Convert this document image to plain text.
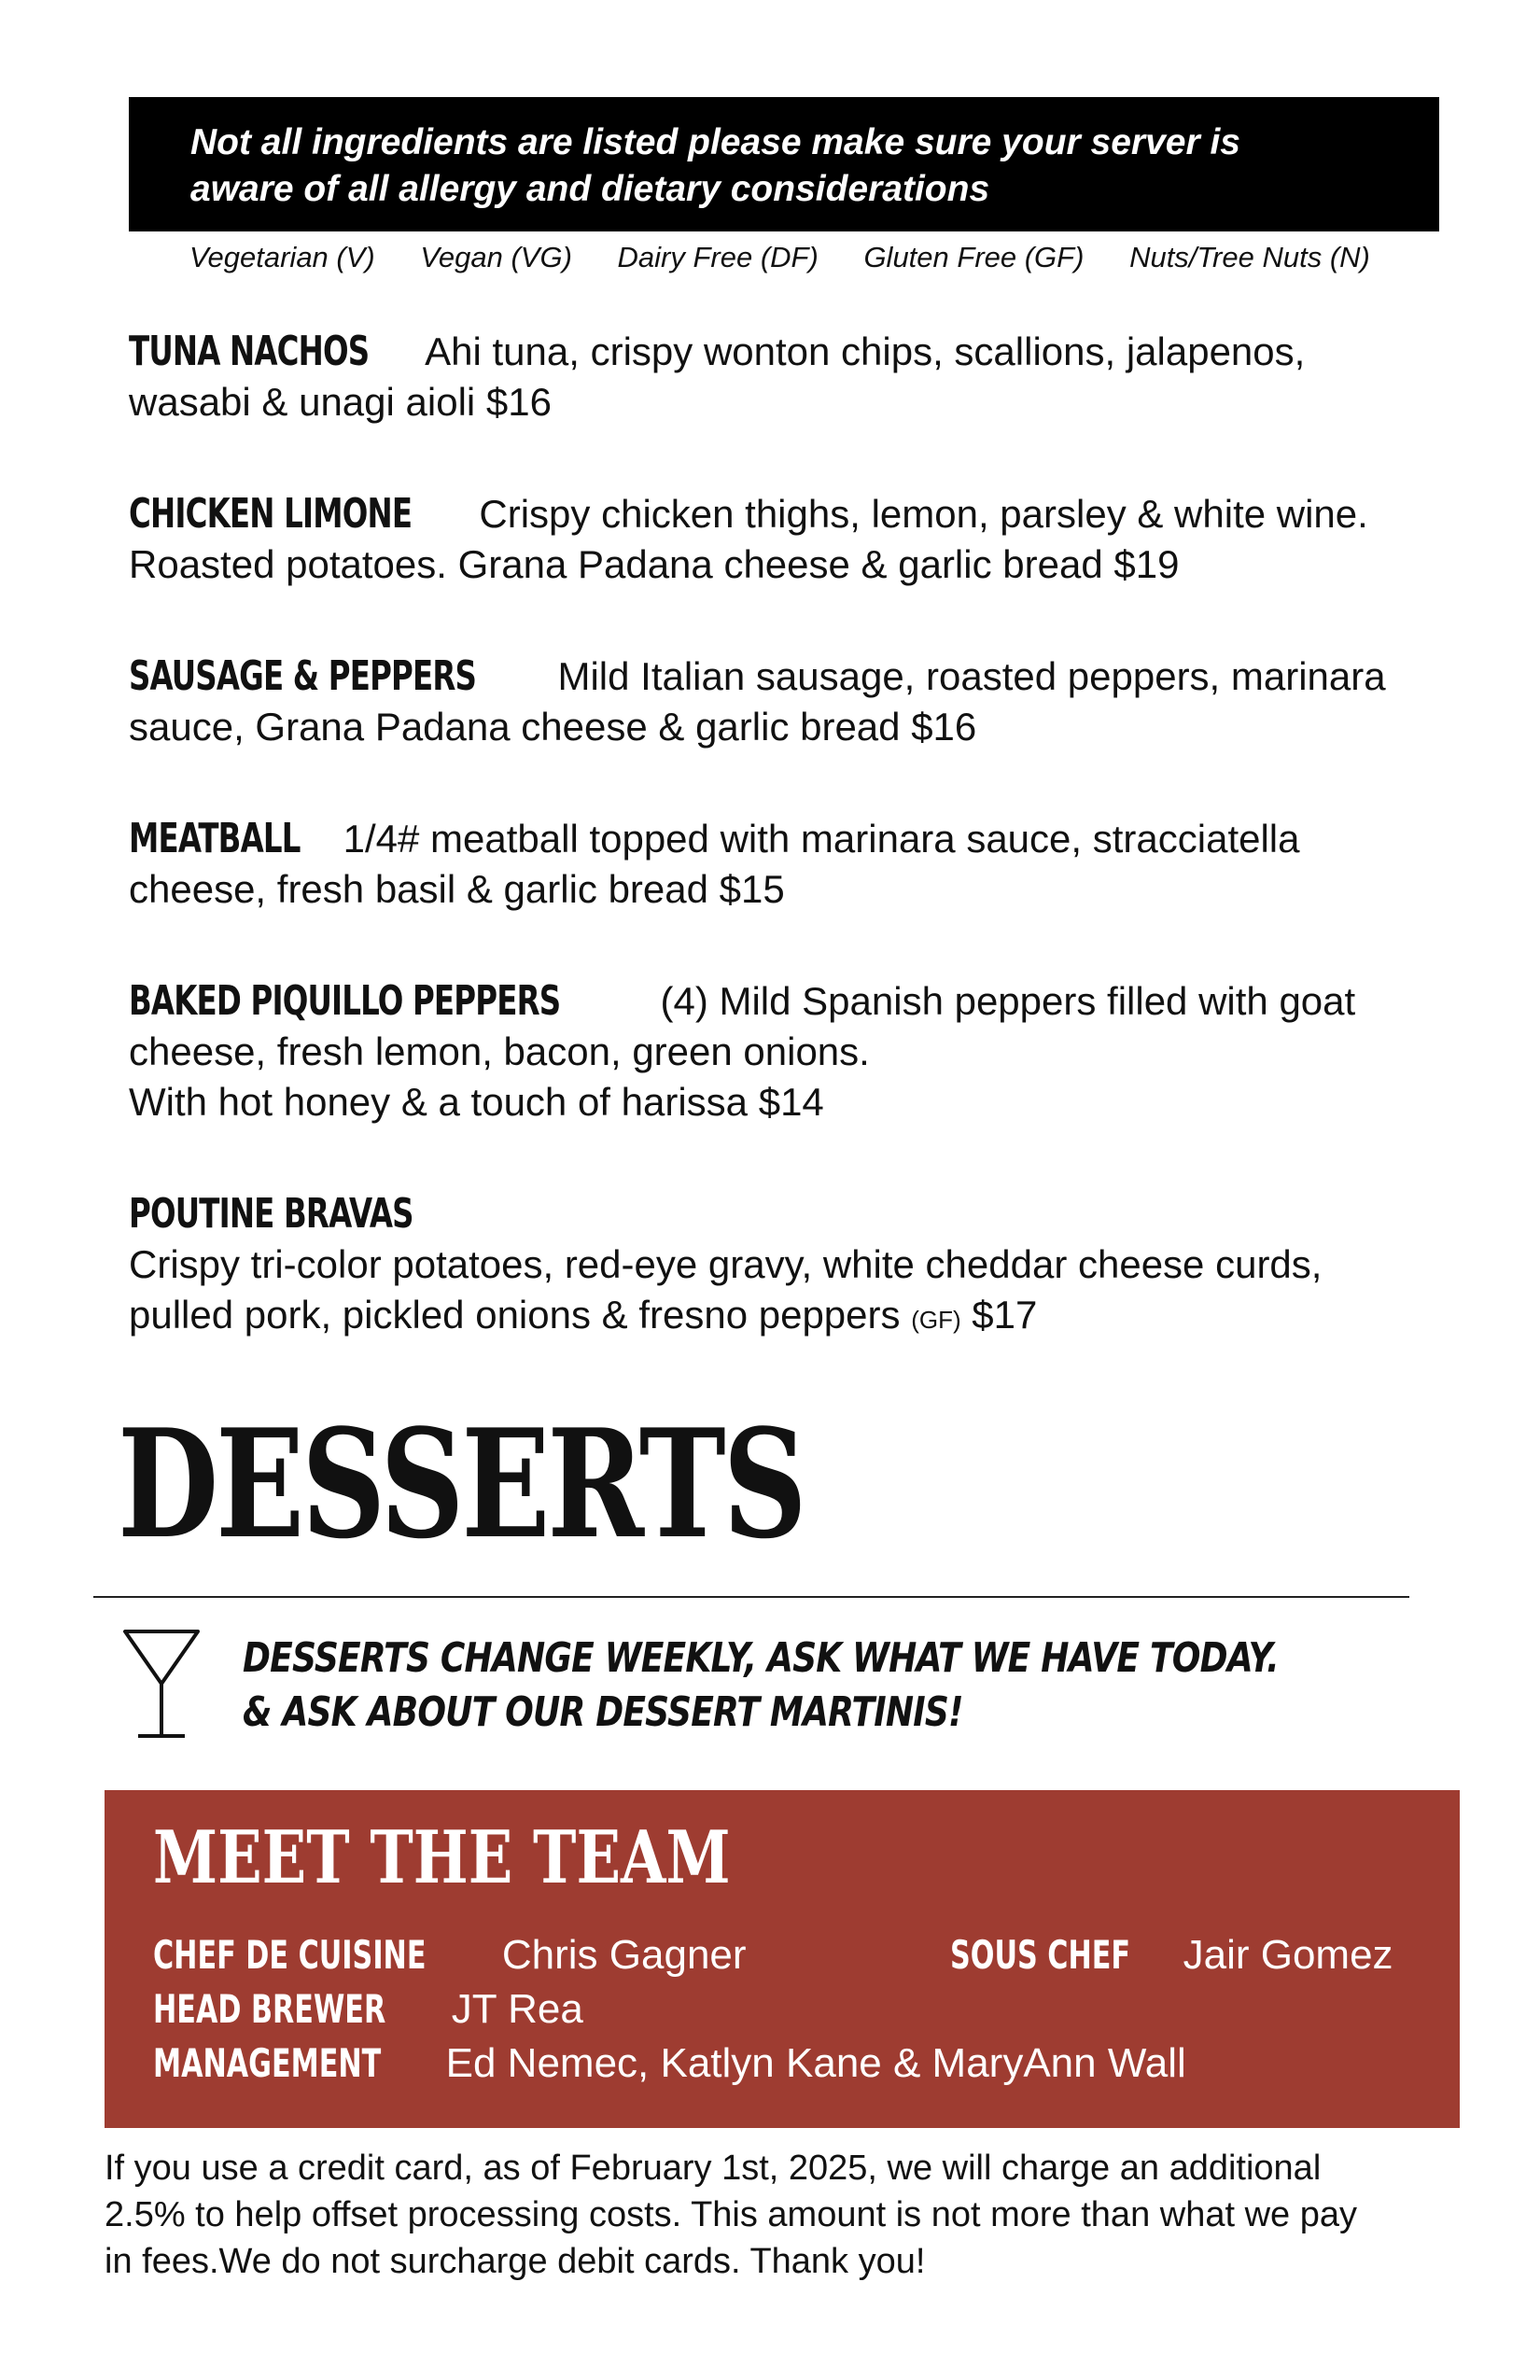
Not all ingredients are listed please make sure your server is
aware of all allergy and dietary considerations
Vegetarian (V) Vegan (VG) Dairy Free (DF) Gluten Free (GF) Nuts/Tree Nuts (N)
TUNA NACHOS Ahi tuna, crispy wonton chips, scallions, jalapenos,
wasabi & unagi aioli $16
CHICKEN LIMONE Crispy chicken thighs, lemon, parsley & white wine.
Roasted potatoes. Grana Padana cheese & garlic bread $19
SAUSAGE & PEPPERS Mild Italian sausage, roasted peppers, marinara
sauce, Grana Padana cheese & garlic bread $16
MEATBALL 1/4# meatball topped with marinara sauce, stracciatella
cheese, fresh basil & garlic bread $15
BAKED PIQUILLO PEPPERS	(4) Mild Spanish peppers filled with goat
cheese, fresh lemon, bacon, green onions.
With hot honey & a touch of harissa $14
POUTINE BRAVAS
Crispy tri-color potatoes, red-eye gravy, white cheddar cheese curds,
pulled pork, pickled onions & fresno peppers (GF) $17
DESSERTS
DESSERTS CHANGE WEEKLY, ASK WHAT WE HAVE TODAY.
& ASK ABOUT OUR DESSERT MARTINIS!
MEET THE TEAM
CHEF DE CUISINE Chris Gagner	SOUS CHEF Jair Gomez
HEAD BREWER JT Rea
MANAGEMENT Ed Nemec, Katlyn Kane & MaryAnn Wall
If you use a credit card, as of February 1st, 2025, we will charge an additional
2.5% to help offset processing costs. This amount is not more than what we pay
in fees.We do not surcharge debit cards. Thank you!
